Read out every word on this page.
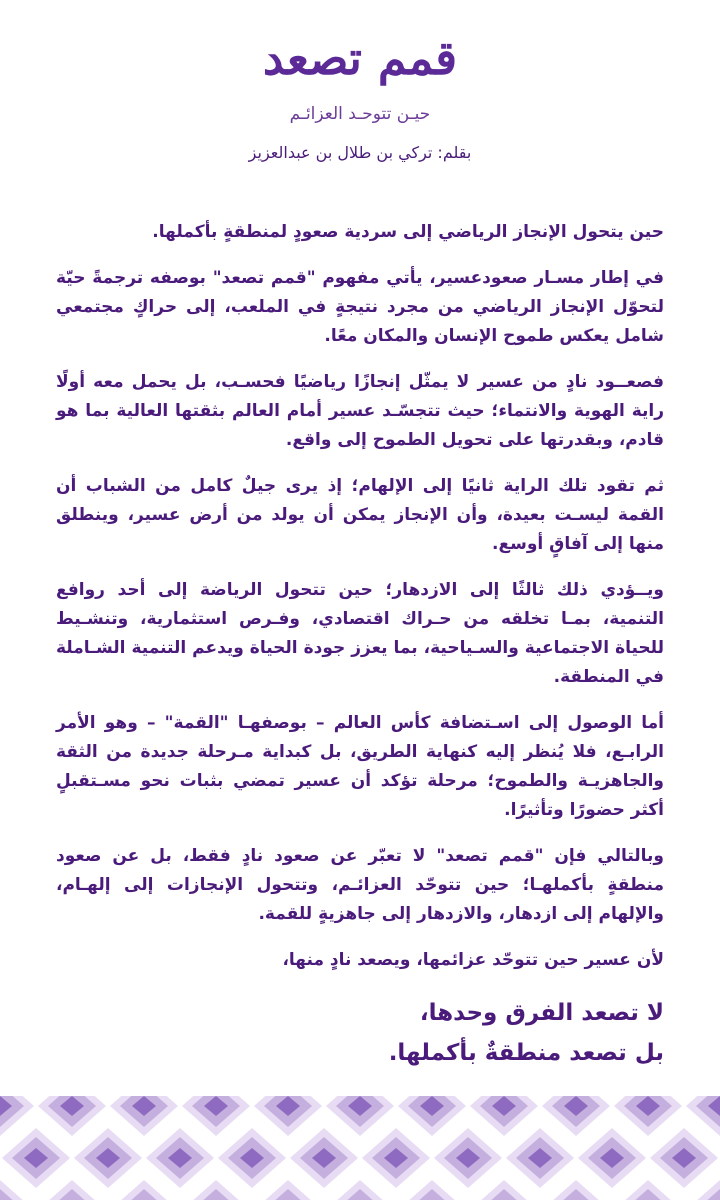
قمم تصعد
حيـن تتوحـد العزائـم
بقلم: تركي بن طلال بن عبدالعزيز

حين يتحول الإنجاز الرياضي إلى سردية صعودٍ لمنطقةٍ بأكملها.

في إطار مسـار صعودعسير، يأتي مفهوم "قمم تصعد" بوصفه ترجمةً حيّة لتحوّل الإنجاز الرياضي من مجرد نتيجةٍ في الملعب، إلى حراكٍ مجتمعي شامل يعكس طموح الإنسان والمكان معًا.

فصعــود نادٍ من عسير لا يمثّل إنجازًا رياضيًا فحسـب، بل يحمل معه أولًا راية الهوية والانتماء؛ حيث تتجسّـد عسير أمام العالم بثقتها العالية بما هو قادم، وبقدرتها على تحويل الطموح إلى واقع.

ثم تقود تلك الراية ثانيًا إلى الإلهام؛ إذ يرى جيلٌ كامل من الشباب أن القمة ليسـت بعيدة، وأن الإنجاز يمكن أن يولد من أرض عسير، وينطلق منها إلى آفاقٍ أوسع.

ويــؤدي ذلك ثالثًا إلى الازدهار؛ حين تتحول الرياضة إلى أحد روافع التنمية، بمـا تخلقه من حـراك اقتصادي، وفـرص استثمارية، وتنشـيط للحياة الاجتماعية والسـياحية، بما يعزز جودة الحياة ويدعم التنمية الشـاملة في المنطقة.

أما الوصول إلى اسـتضافة كأس العالم – بوصفهـا "القمة" – وهو الأمر الرابـع، فلا يُنظر إليه كنهاية الطريق، بل كبداية مـرحلة جديدة من الثقة والجاهزيـة والطموح؛ مرحلة تؤكد أن عسير تمضي بثبات نحو مسـتقبلٍ أكثر حضورًا وتأثيرًا.

وبالتالي فإن "قمم تصعد" لا تعبّر عن صعود نادٍ فقط، بل عن صعود منطقةٍ بأكملهـا؛ حين تتوحّد العزائـم، وتتحول الإنجازات إلى إلهـام، والإلهام إلى ازدهار، والازدهار إلى جاهزيةٍ للقمة.

لأن عسير حين تتوحّد عزائمها، ويصعد نادٍ منها،

لا تصعد الفرق وحدها،
بل تصعد منطقةٌ بأكملها.
